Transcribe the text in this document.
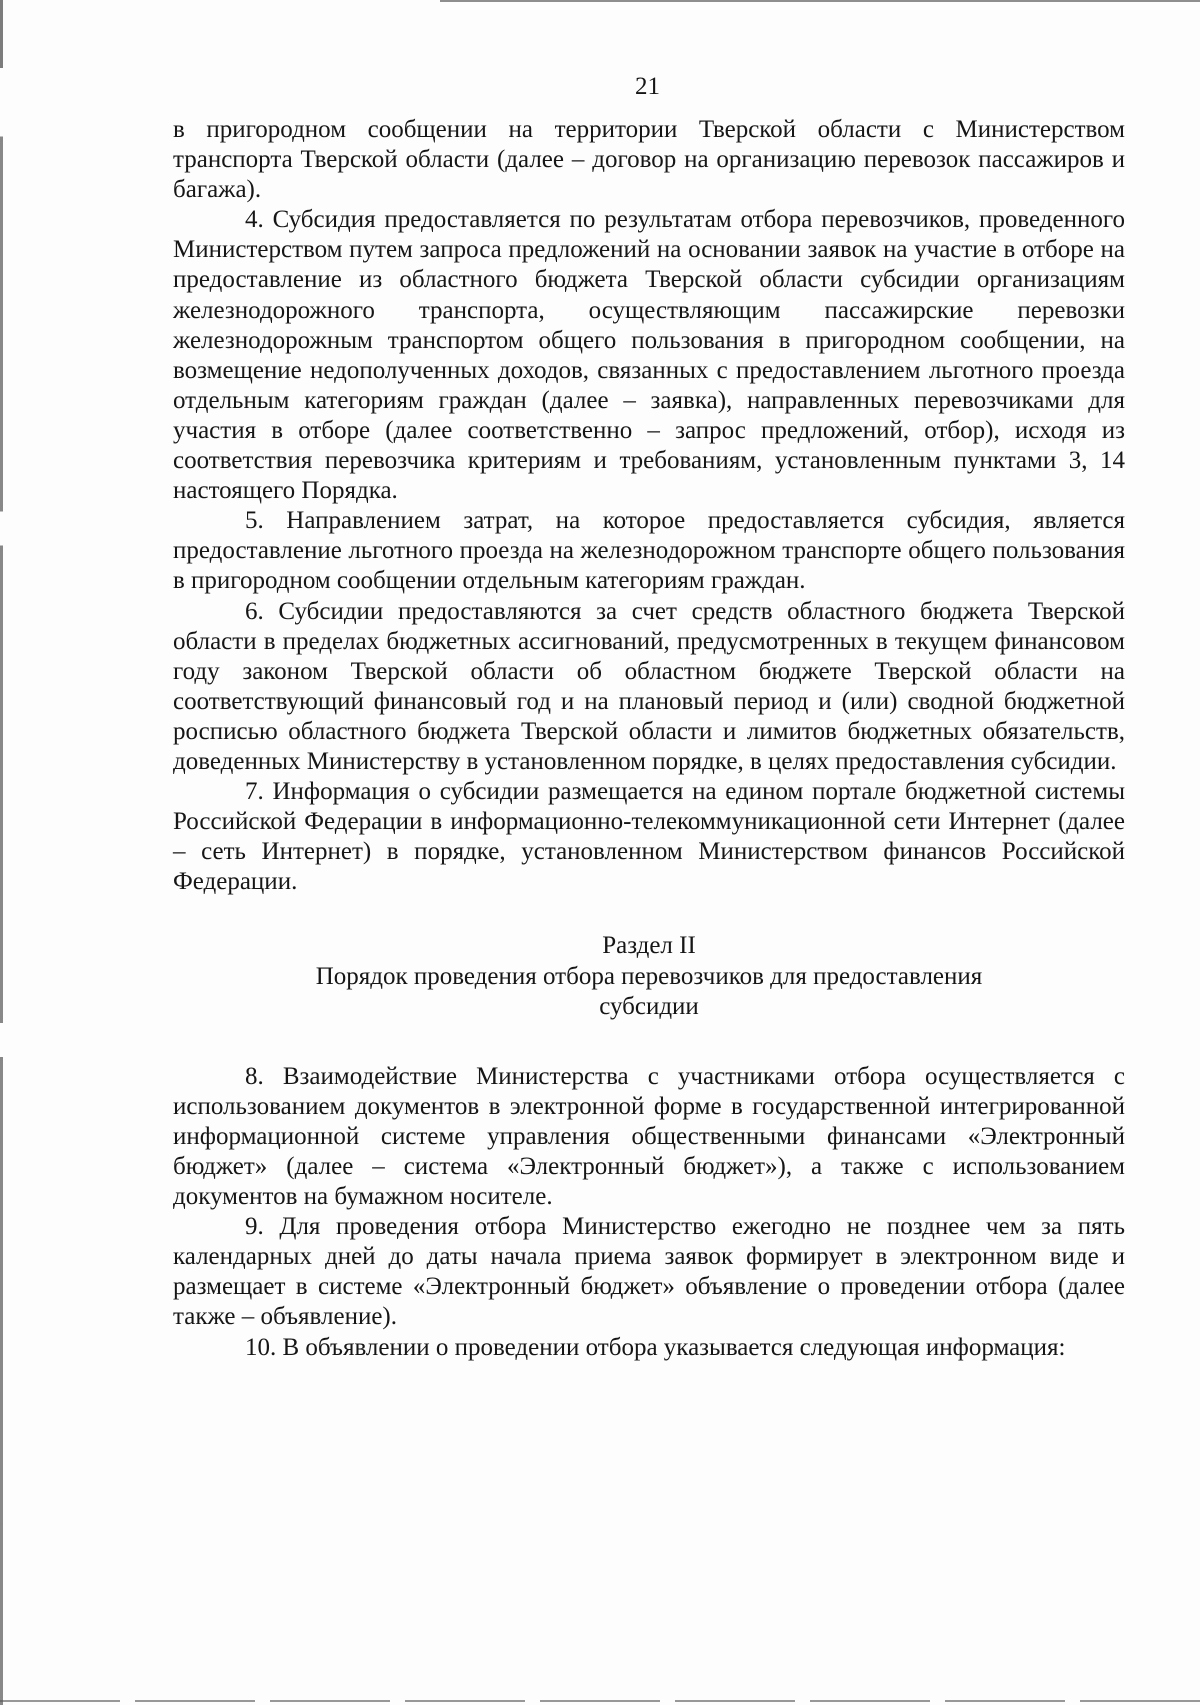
21

в пригородном сообщении на территории Тверской области с Министерством транспорта Тверской области (далее – договор на организацию перевозок пассажиров и багажа).

4. Субсидия предоставляется по результатам отбора перевозчиков, проведенного Министерством путем запроса предложений на основании заявок на участие в отборе на предоставление из областного бюджета Тверской области субсидии организациям железнодорожного транспорта, осуществляющим пассажирские перевозки железнодорожным транспортом общего пользования в пригородном сообщении, на возмещение недополученных доходов, связанных с предоставлением льготного проезда отдельным категориям граждан (далее – заявка), направленных перевозчиками для участия в отборе (далее соответственно – запрос предложений, отбор), исходя из соответствия перевозчика критериям и требованиям, установленным пунктами 3, 14 настоящего Порядка.

5. Направлением затрат, на которое предоставляется субсидия, является предоставление льготного проезда на железнодорожном транспорте общего пользования в пригородном сообщении отдельным категориям граждан.

6. Субсидии предоставляются за счет средств областного бюджета Тверской области в пределах бюджетных ассигнований, предусмотренных в текущем финансовом году законом Тверской области об областном бюджете Тверской области на соответствующий финансовый год и на плановый период и (или) сводной бюджетной росписью областного бюджета Тверской области и лимитов бюджетных обязательств, доведенных Министерству в установленном порядке, в целях предоставления субсидии.

7. Информация о субсидии размещается на едином портале бюджетной системы Российской Федерации в информационно-телекоммуникационной сети Интернет (далее – сеть Интернет) в порядке, установленном Министерством финансов Российской Федерации.

Раздел II

Порядок проведения отбора перевозчиков для предоставления

субсидии

8. Взаимодействие Министерства с участниками отбора осуществляется с использованием документов в электронной форме в государственной интегрированной информационной системе управления общественными финансами «Электронный бюджет» (далее – система «Электронный бюджет»), а также с использованием документов на бумажном носителе.

9. Для проведения отбора Министерство ежегодно не позднее чем за пять календарных дней до даты начала приема заявок формирует в электронном виде и размещает в системе «Электронный бюджет» объявление о проведении отбора (далее также – объявление).

10. В объявлении о проведении отбора указывается следующая информация:
